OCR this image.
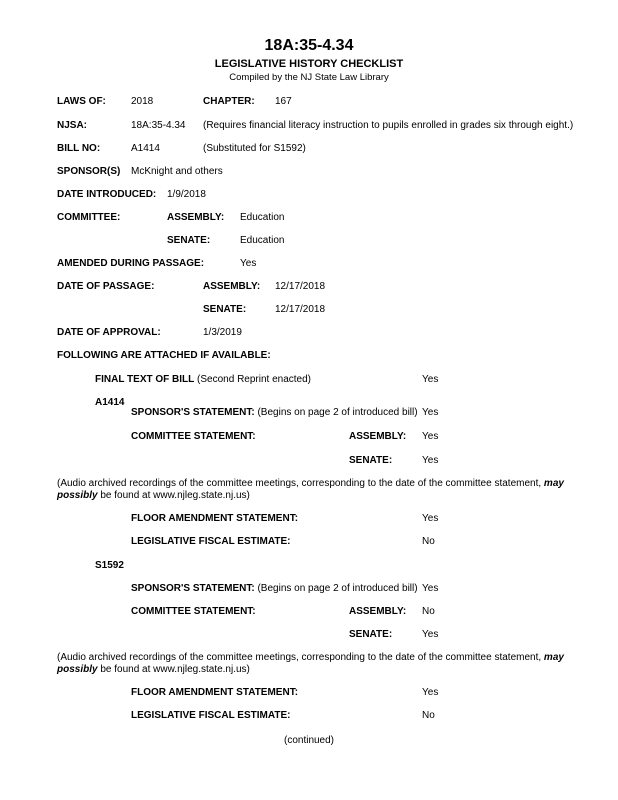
18A:35-4.34
LEGISLATIVE HISTORY CHECKLIST
Compiled by the NJ State Law Library
LAWS OF:	2018	CHAPTER: 167
NJSA:	18A:35-4.34 (Requires financial literacy instruction to pupils enrolled in grades six through eight.)
BILL NO:	A1414	(Substituted for S1592)
SPONSOR(S) McKnight and others
DATE INTRODUCED: 1/9/2018
COMMITTEE:	ASSEMBLY: Education
SENATE:	Education
AMENDED DURING PASSAGE:	Yes
DATE OF PASSAGE:	ASSEMBLY: 12/17/2018
SENATE:	12/17/2018
DATE OF APPROVAL:	1/3/2019
FOLLOWING ARE ATTACHED IF AVAILABLE:
FINAL TEXT OF BILL (Second Reprint enacted)	Yes
A1414
SPONSOR'S STATEMENT: (Begins on page 2 of introduced bill) Yes
COMMITTEE STATEMENT:	ASSEMBLY: Yes
SENATE:	Yes
(Audio archived recordings of the committee meetings, corresponding to the date of the committee statement, may possibly be found at www.njleg.state.nj.us)
FLOOR AMENDMENT STATEMENT:	Yes
LEGISLATIVE FISCAL ESTIMATE:	No
S1592
SPONSOR'S STATEMENT: (Begins on page 2 of introduced bill) Yes
COMMITTEE STATEMENT:	ASSEMBLY: No
SENATE:	Yes
(Audio archived recordings of the committee meetings, corresponding to the date of the committee statement, may possibly be found at www.njleg.state.nj.us)
FLOOR AMENDMENT STATEMENT:	Yes
LEGISLATIVE FISCAL ESTIMATE:	No
(continued)
